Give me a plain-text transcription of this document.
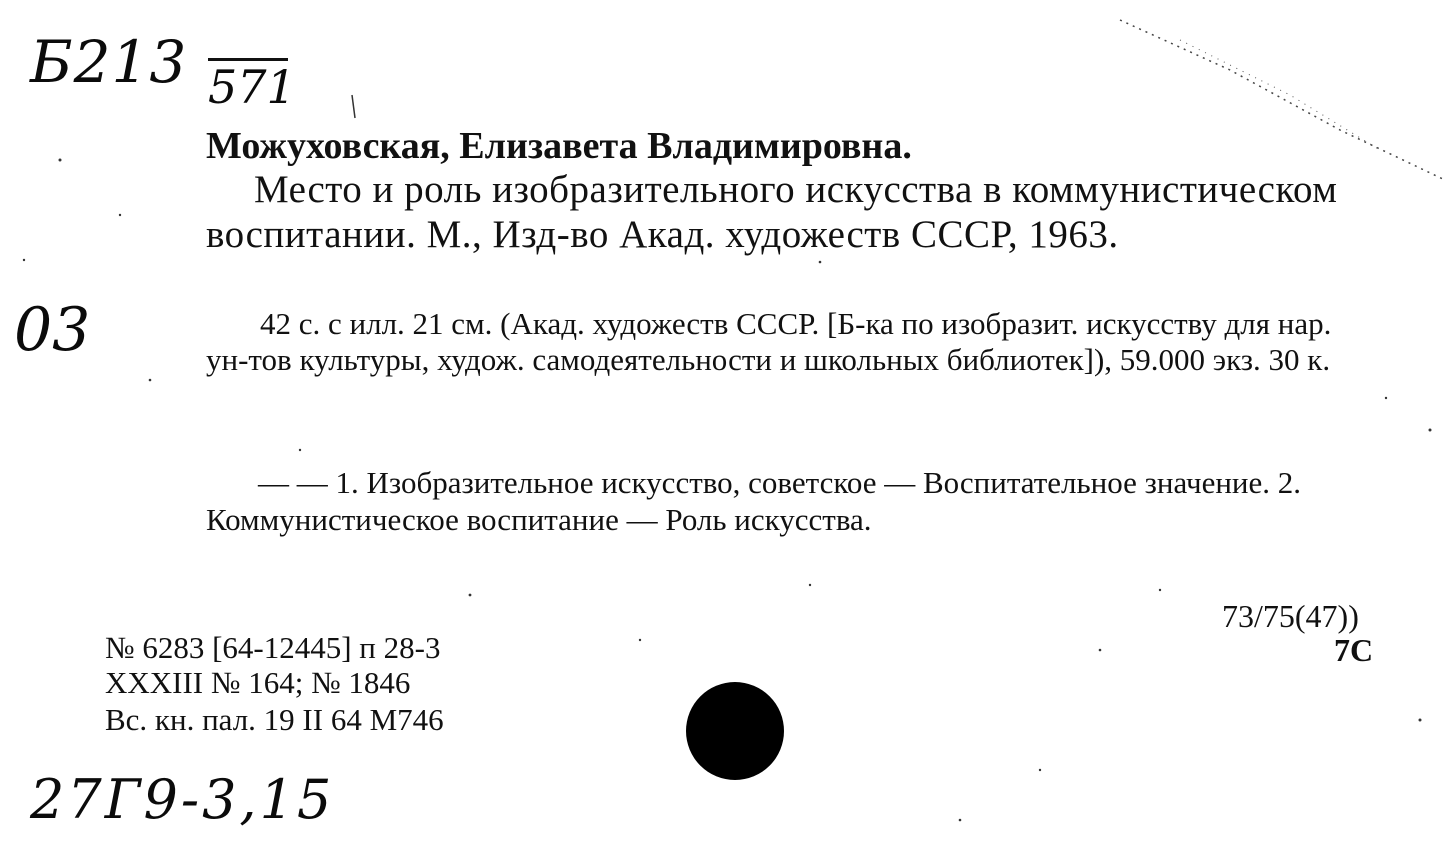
Б213 571
03
Можуховская, Елизавета Владимировна.
Место и роль изобразительного искусства в коммунистическом воспитании. М., Изд-во Акад. художеств СССР, 1963.
42 с. с илл. 21 см. (Акад. художеств СССР. [Б-ка по изобразит. искусству для нар. ун-тов культуры, худож. самодеятельности и школьных библиотек]), 59.000 экз. 30 к.
— — 1. Изобразительное искусство, советское — Воспитательное значение. 2. Коммунистическое воспитание — Роль искусства.
73/75(47))
7С
№ 6283 [64-12445] п 28-3
XXXIII № 164; № 1846
Вс. кн. пал. 19 II 64 M746
27Г9-3,15
